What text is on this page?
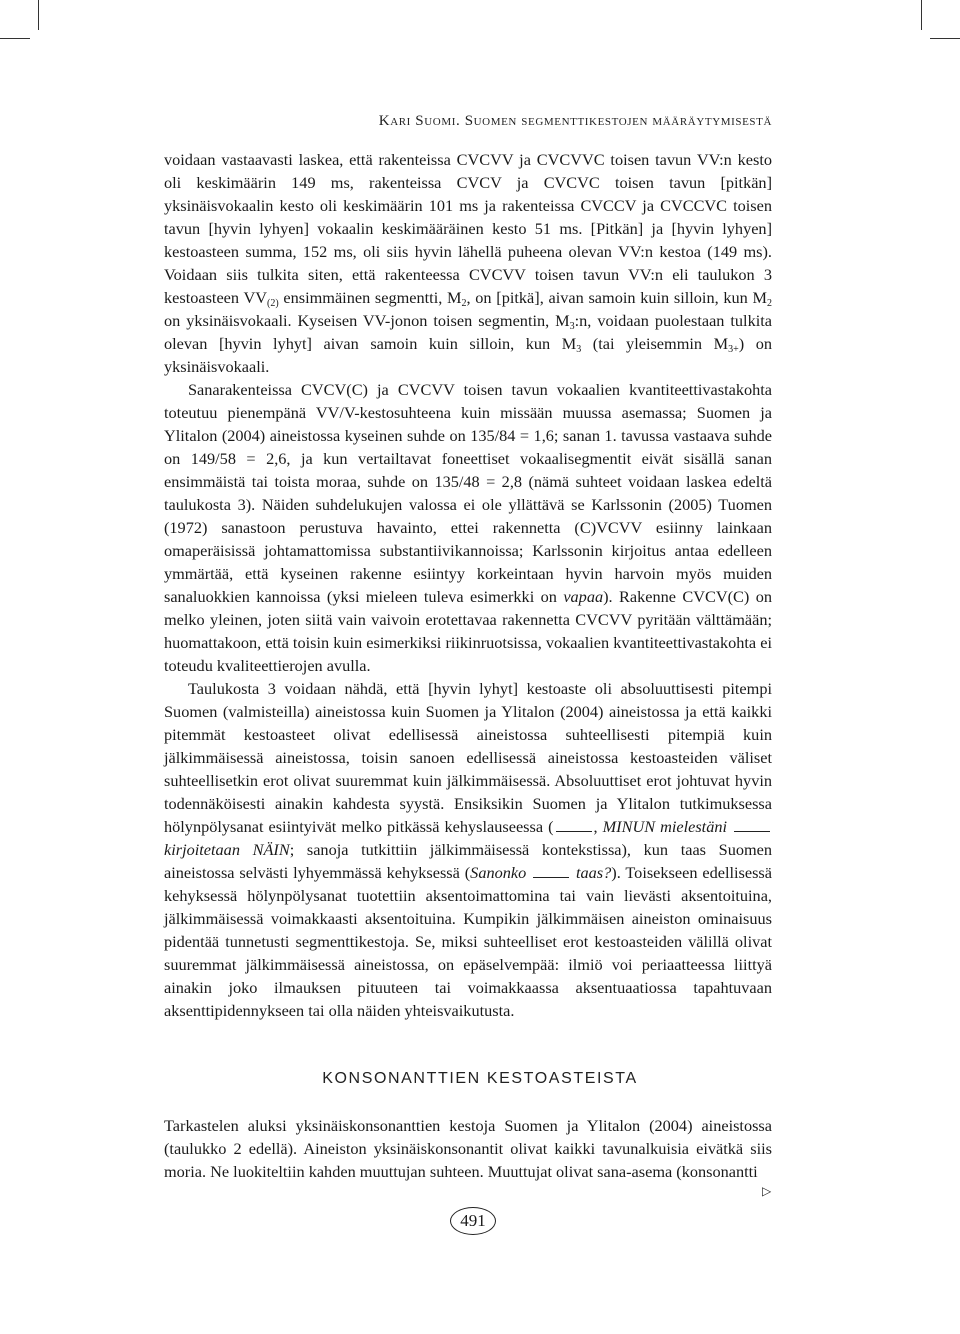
Kari Suomi. Suomen segmenttikestojen määräytymisestä

voidaan vastaavasti laskea, että rakenteissa CVCVV ja CVCVVC toisen tavun VV:n kesto oli keskimäärin 149 ms, rakenteissa CVCV ja CVCVC toisen tavun [pitkän] yksinäisvokaalin kesto oli keskimäärin 101 ms ja rakenteissa CVCCV ja CVCCVC toisen tavun [hyvin lyhyen] vokaalin keskimääräinen kesto 51 ms. [Pitkän] ja [hyvin lyhyen] kestoasteen summa, 152 ms, oli siis hyvin lähellä puheena olevan VV:n kestoa (149 ms). Voidaan siis tulkita siten, että rakenteessa CVCVV toisen tavun VV:n eli taulukon 3 kestoasteen $VV_{(2)}$ ensimmäinen segmentti, $M_2$, on [pitkä], aivan samoin kuin silloin, kun $M_2$ on yksinäisvokaali. Kyseisen VV-jonon toisen segmentin, $M_3:n$, voidaan puolestaan tulkita olevan [hyvin lyhyt] aivan samoin kuin silloin, kun $M_3$ (tai yleisemmin $M_{3+}$) on yksinäisvokaali.

Sanarakenteissa CVCV(C) ja CVCVV toisen tavun vokaalien kvantiteettivastakohta toteutuu pienempänä VV/V-kestosuhteena kuin missään muussa asemassa; Suomen ja Ylitalon (2004) aineistossa kyseinen suhde on 135/84 = 1,6; sanan 1. tavussa vastaava suhde on 149/58 = 2,6, ja kun vertailtavat foneettiset vokaalisegmentit eivät sisällä sanan ensimmäistä tai toista moraa, suhde on 135/48 = 2,8 (nämä suhteet voidaan laskea edeltä taulukosta 3). Näiden suhdelukujen valossa ei ole yllättävä se Karlssonin (2005) Tuomen (1972) sanastoon perustuva havainto, ettei rakennetta (C)VCVV esiinny lainkaan omaperäisissä johtamattomissa substantiivikannoissa; Karlssonin kirjoitus antaa edelleen ymmärtää, että kyseinen rakenne esiintyy korkeintaan hyvin harvoin myös muiden sanaluokkien kannoissa (yksi mieleen tuleva esimerkki on vapaa). Rakenne CVCV(C) on melko yleinen, joten siitä vain vaivoin erotettavaa rakennetta CVCVV pyritään välttämään; huomattakoon, että toisin kuin esimerkiksi riikinruotsissa, vokaalien kvantiteettivastakohta ei toteudu kvaliteettierojen avulla.

Taulukosta 3 voidaan nähdä, että [hyvin lyhyt] kestoaste oli absoluuttisesti pitempi Suomen (valmisteilla) aineistossa kuin Suomen ja Ylitalon (2004) aineistossa ja että kaikki pitemmät kestoasteet olivat edellisessä aineistossa suhteellisesti pitempiä kuin jälkimmäisessä aineistossa, toisin sanoen edellisessä aineistossa kestoasteiden väliset suhteellisetkin erot olivat suuremmat kuin jälkimmäisessä. Absoluuttiset erot johtuvat hyvin todennäköisesti ainakin kahdesta syystä. Ensiksikin Suomen ja Ylitalon tutkimuksessa hölynpölysanat esiintyivät melko pitkässä kehyslauseessa ( , MINUN mielestäni  kirjoitetaan NÄIN; sanoja tutkittiin jälkimmäisessä kontekstissa), kun taas Suomen aineistossa selvästi lyhyemmässä kehyksessä (Sanonko	taas?). Toisekseen edellisessä kehyksessä hölynpölysanat tuotettiin aksentoimattomina tai vain lievästi aksentoituina, jälkimmäisessä voimakkaasti aksentoituina. Kumpikin jälkimmäisen aineiston ominaisuus pidentää tunnetusti segmenttikestoja. Se, miksi suhteelliset erot kestoasteiden välillä olivat suuremmat jälkimmäisessä aineistossa, on epäselvempää: ilmiö voi periaatteessa liittyä ainakin joko ilmauksen pituuteen tai voimakkaassa aksentuaatiossa tapahtuvaan aksenttipidennykseen tai olla näiden yhteisvaikutusta.

KONSONANTTIEN KESTOASTEISTA

Tarkastelen aluksi yksinäiskonsonanttien kestoja Suomen ja Ylitalon (2004) aineistossa (taulukko 2 edellä). Aineiston yksinäiskonsonantit olivat kaikki tavunalkuisia eivätkä siis moria. Ne luokiteltiin kahden muuttujan suhteen. Muuttujat olivat sana-asema (konsonantti

▷
491
